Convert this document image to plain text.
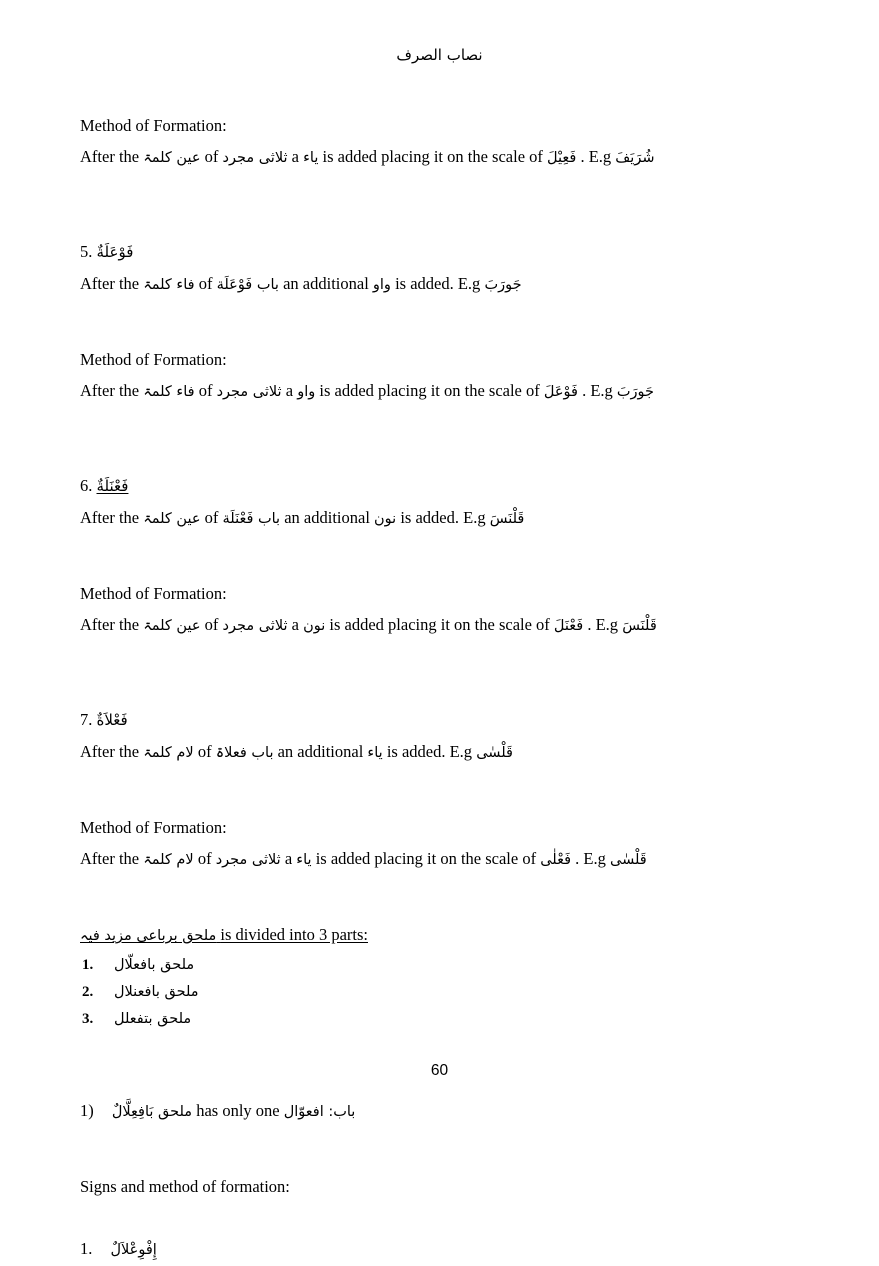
نصاب الصرف
Method of Formation:
After the عین کلمۃ of ثلاثی مجرد a یاء is added placing it on the scale of فَعِیْلَ . E.g شُرَیَفَ
5. فَوْعَلَةٌ
After the فاء کلمۃ of باب فَوْعَلَة an additional واو is added. E.g جَورَبَ
Method of Formation:
After the فاء کلمۃ of ثلاثی مجرد a واو is added placing it on the scale of فَوْعَلَ . E.g جَورَبَ
6. فَعْنَلَةٌ
After the عین کلمۃ of باب فَعْنَلَة an additional نون is added. E.g قَلْنَسَ
Method of Formation:
After the عین کلمۃ of ثلاثی مجرد a نون is added placing it on the scale of فَعْنَلَ . E.g قَلْنَسَ
7. فَعْلاَةٌ
After the لام کلمۃ of باب فعلاۃ an additional یاء is added. E.g قَلْسٰی
Method of Formation:
After the لام کلمۃ of ثلاثی مجرد a یاء is added placing it on the scale of فَعْلٰی . E.g قَلْسٰی
ملحق برباعی مزید فیہ is divided into 3 parts:
1.	ملحق بافعلّال
2.	ملحق بافعنلال
3.	ملحق بتفعلل
1) ملحق بَافِعِلَّالٌ has only one باب: افعوّال
Signs and method of formation:
1. إِفْوِعْلاَلٌ
60
